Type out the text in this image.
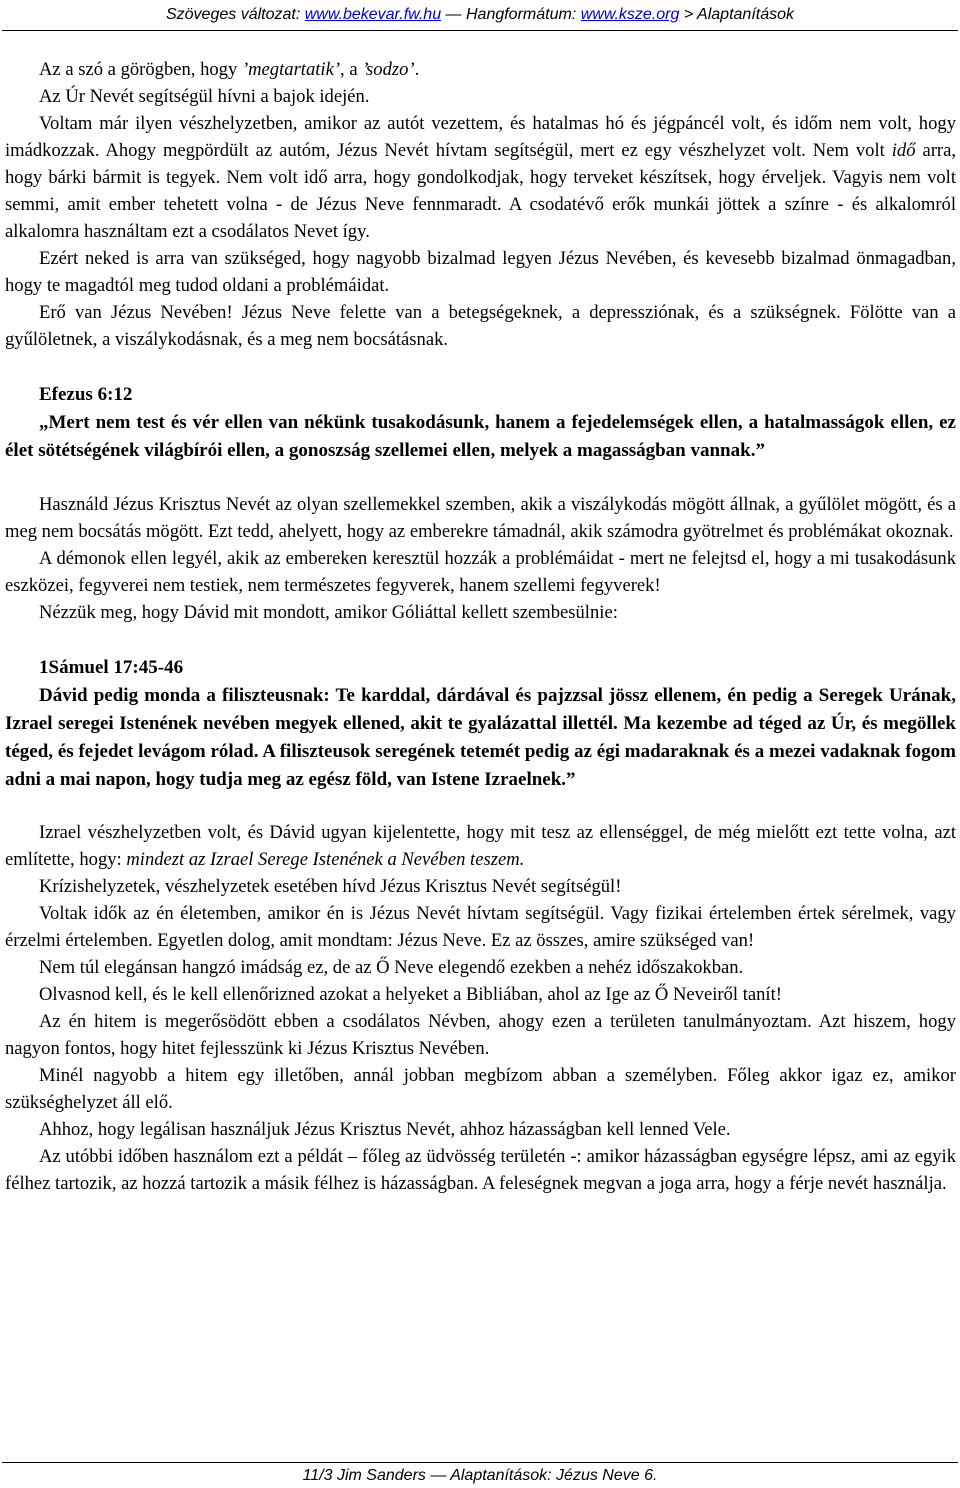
Szöveges változat: www.bekevar.fw.hu — Hangformátum: www.ksze.org > Alaptanítások

Az a szó a görögben, hogy ’megtartatik’, a ’sodzo’.

Az Úr Nevét segítségül hívni a bajok idején.

Voltam már ilyen vészhelyzetben, amikor az autót vezettem, és hatalmas hó és jégpáncél volt, és időm nem volt, hogy imádkozzak. Ahogy megpördült az autóm, Jézus Nevét hívtam segítségül, mert ez egy vészhelyzet volt. Nem volt idő arra, hogy bárki bármit is tegyek. Nem volt idő arra, hogy gondolkodjak, hogy terveket készítsek, hogy érveljek. Vagyis nem volt semmi, amit ember tehetett volna - de Jézus Neve fennmaradt. A csodatévő erők munkái jöttek a színre - és alkalomról alkalomra használtam ezt a csodálatos Nevet így.

Ezért neked is arra van szükséged, hogy nagyobb bizalmad legyen Jézus Nevében, és kevesebb bizalmad önmagadban, hogy te magadtól meg tudod oldani a problémáidat.

Erő van Jézus Nevében! Jézus Neve felette van a betegségeknek, a depressziónak, és a szükségnek. Fölötte van a gyűlöletnek, a viszálykodásnak, és a meg nem bocsátásnak.

Efezus 6:12

„Mert nem test és vér ellen van nékünk tusakodásunk, hanem a fejedelemségek ellen, a hatalmasságok ellen, ez élet sötétségének világbírói ellen, a gonoszság szellemei ellen, melyek a magasságban vannak.”

Használd Jézus Krisztus Nevét az olyan szellemekkel szemben, akik a viszálykodás mögött állnak, a gyűlölet mögött, és a meg nem bocsátás mögött. Ezt tedd, ahelyett, hogy az emberekre támadnál, akik számodra gyötrelmet és problémákat okoznak.

A démonok ellen legyél, akik az embereken keresztül hozzák a problémáidat - mert ne felejtsd el, hogy a mi tusakodásunk eszközei, fegyverei nem testiek, nem természetes fegyverek, hanem szellemi fegyverek!

Nézzük meg, hogy Dávid mit mondott, amikor Góliáttal kellett szembesülnie:

1Sámuel 17:45-46

Dávid pedig monda a filiszteusnak: Te karddal, dárdával és pajzzsal jössz ellenem, én pedig a Seregek Urának, Izrael seregei Istenének nevében megyek ellened, akit te gyalázattal illettél. Ma kezembe ad téged az Úr, és megöllek téged, és fejedet levágom rólad. A filiszteusok seregének tetemét pedig az égi madaraknak és a mezei vadaknak fogom adni a mai napon, hogy tudja meg az egész föld, van Istene Izraelnek.”

Izrael vészhelyzetben volt, és Dávid ugyan kijelentette, hogy mit tesz az ellenséggel, de még mielőtt ezt tette volna, azt említette, hogy: mindezt az Izrael Serege Istenének a Nevében teszem.

Krízishelyzetek, vészhelyzetek esetében hívd Jézus Krisztus Nevét segítségül!

Voltak idők az én életemben, amikor én is Jézus Nevét hívtam segítségül. Vagy fizikai értelemben értek sérelmek, vagy érzelmi értelemben. Egyetlen dolog, amit mondtam: Jézus Neve. Ez az összes, amire szükséged van!

Nem túl elegánsan hangzó imádság ez, de az Ő Neve elegendő ezekben a nehéz időszakokban.

Olvasnod kell, és le kell ellenőrizned azokat a helyeket a Bibliában, ahol az Ige az Ő Neveiről tanít!

Az én hitem is megerősödött ebben a csodálatos Névben, ahogy ezen a területen tanulmányoztam. Azt hiszem, hogy nagyon fontos, hogy hitet fejlesszünk ki Jézus Krisztus Nevében.

Minél nagyobb a hitem egy illetőben, annál jobban megbízom abban a személyben. Főleg akkor igaz ez, amikor szükséghelyzet áll elő.

Ahhoz, hogy legálisan használjuk Jézus Krisztus Nevét, ahhoz házasságban kell lenned Vele.

Az utóbbi időben használom ezt a példát – főleg az üdvösség területén -: amikor házasságban egységre lépsz, ami az egyik félhez tartozik, az hozzá tartozik a másik félhez is házasságban. A feleségnek megvan a joga arra, hogy a férje nevét használja.

11/3 Jim Sanders — Alaptanítások: Jézus Neve 6.
